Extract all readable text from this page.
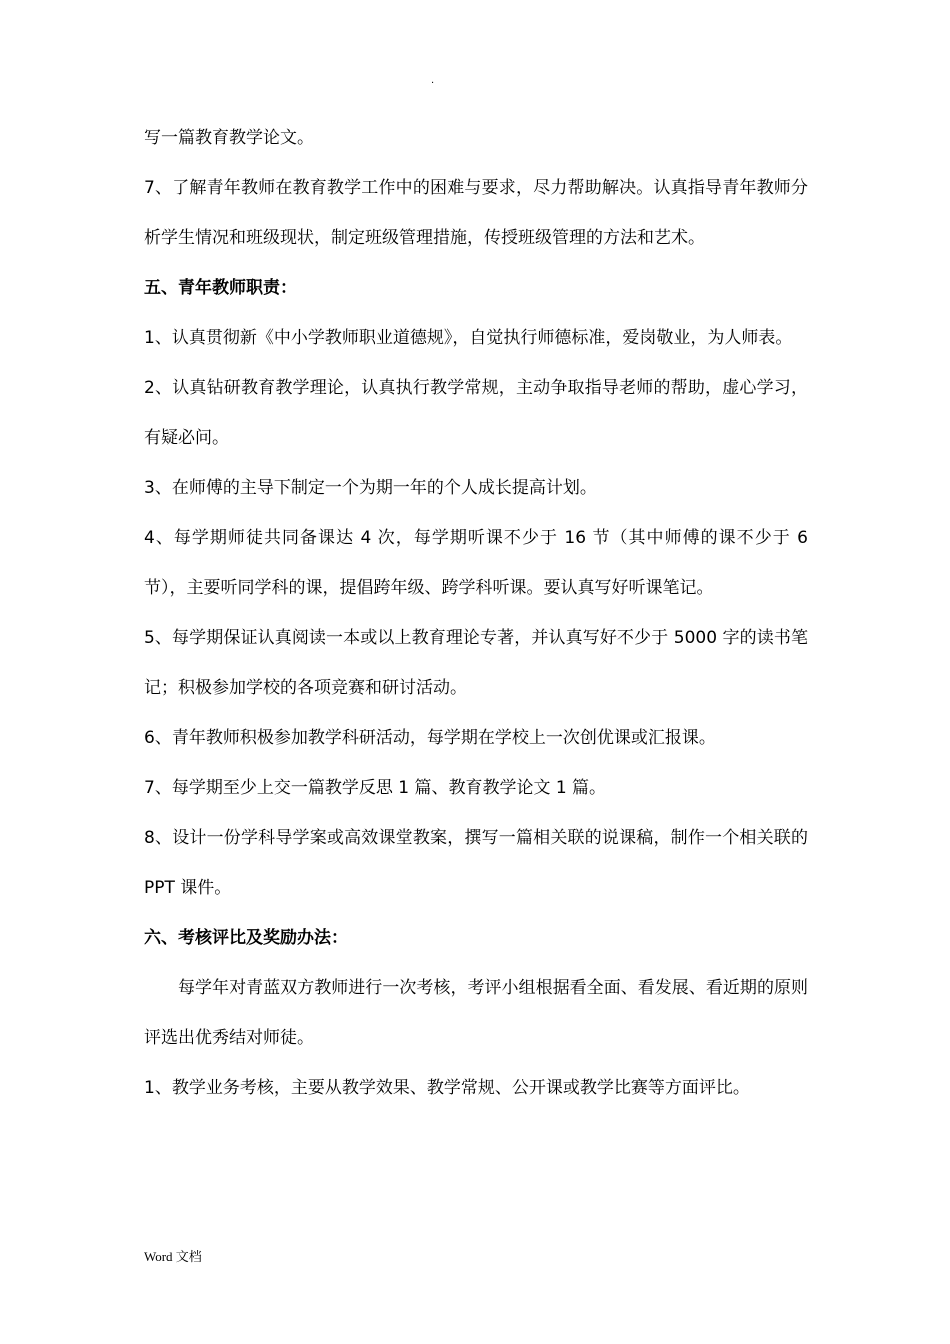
.

写一篇教育教学论文。

7、了解青年教师在教育教学工作中的困难与要求，尽力帮助解决。认真指导青年教师分析学生情况和班级现状，制定班级管理措施，传授班级管理的方法和艺术。

五、青年教师职责：

1、认真贯彻新《中小学教师职业道德规》，自觉执行师德标准，爱岗敬业，为人师表。

2、认真钻研教育教学理论，认真执行教学常规，主动争取指导老师的帮助，虚心学习，有疑必问。

3、在师傅的主导下制定一个为期一年的个人成长提高计划。

4、每学期师徒共同备课达 4 次，每学期听课不少于 16 节（其中师傅的课不少于 6 节），主要听同学科的课，提倡跨年级、跨学科听课。要认真写好听课笔记。

5、每学期保证认真阅读一本或以上教育理论专著，并认真写好不少于 5000 字的读书笔记；积极参加学校的各项竞赛和研讨活动。

6、青年教师积极参加教学科研活动，每学期在学校上一次创优课或汇报课。

7、每学期至少上交一篇教学反思 1 篇、教育教学论文 1 篇。

8、设计一份学科导学案或高效课堂教案，撰写一篇相关联的说课稿，制作一个相关联的 PPT 课件。

六、考核评比及奖励办法：

每学年对青蓝双方教师进行一次考核，考评小组根据看全面、看发展、看近期的原则评选出优秀结对师徒。

1、教学业务考核，主要从教学效果、教学常规、公开课或教学比赛等方面评比。

Word 文档
